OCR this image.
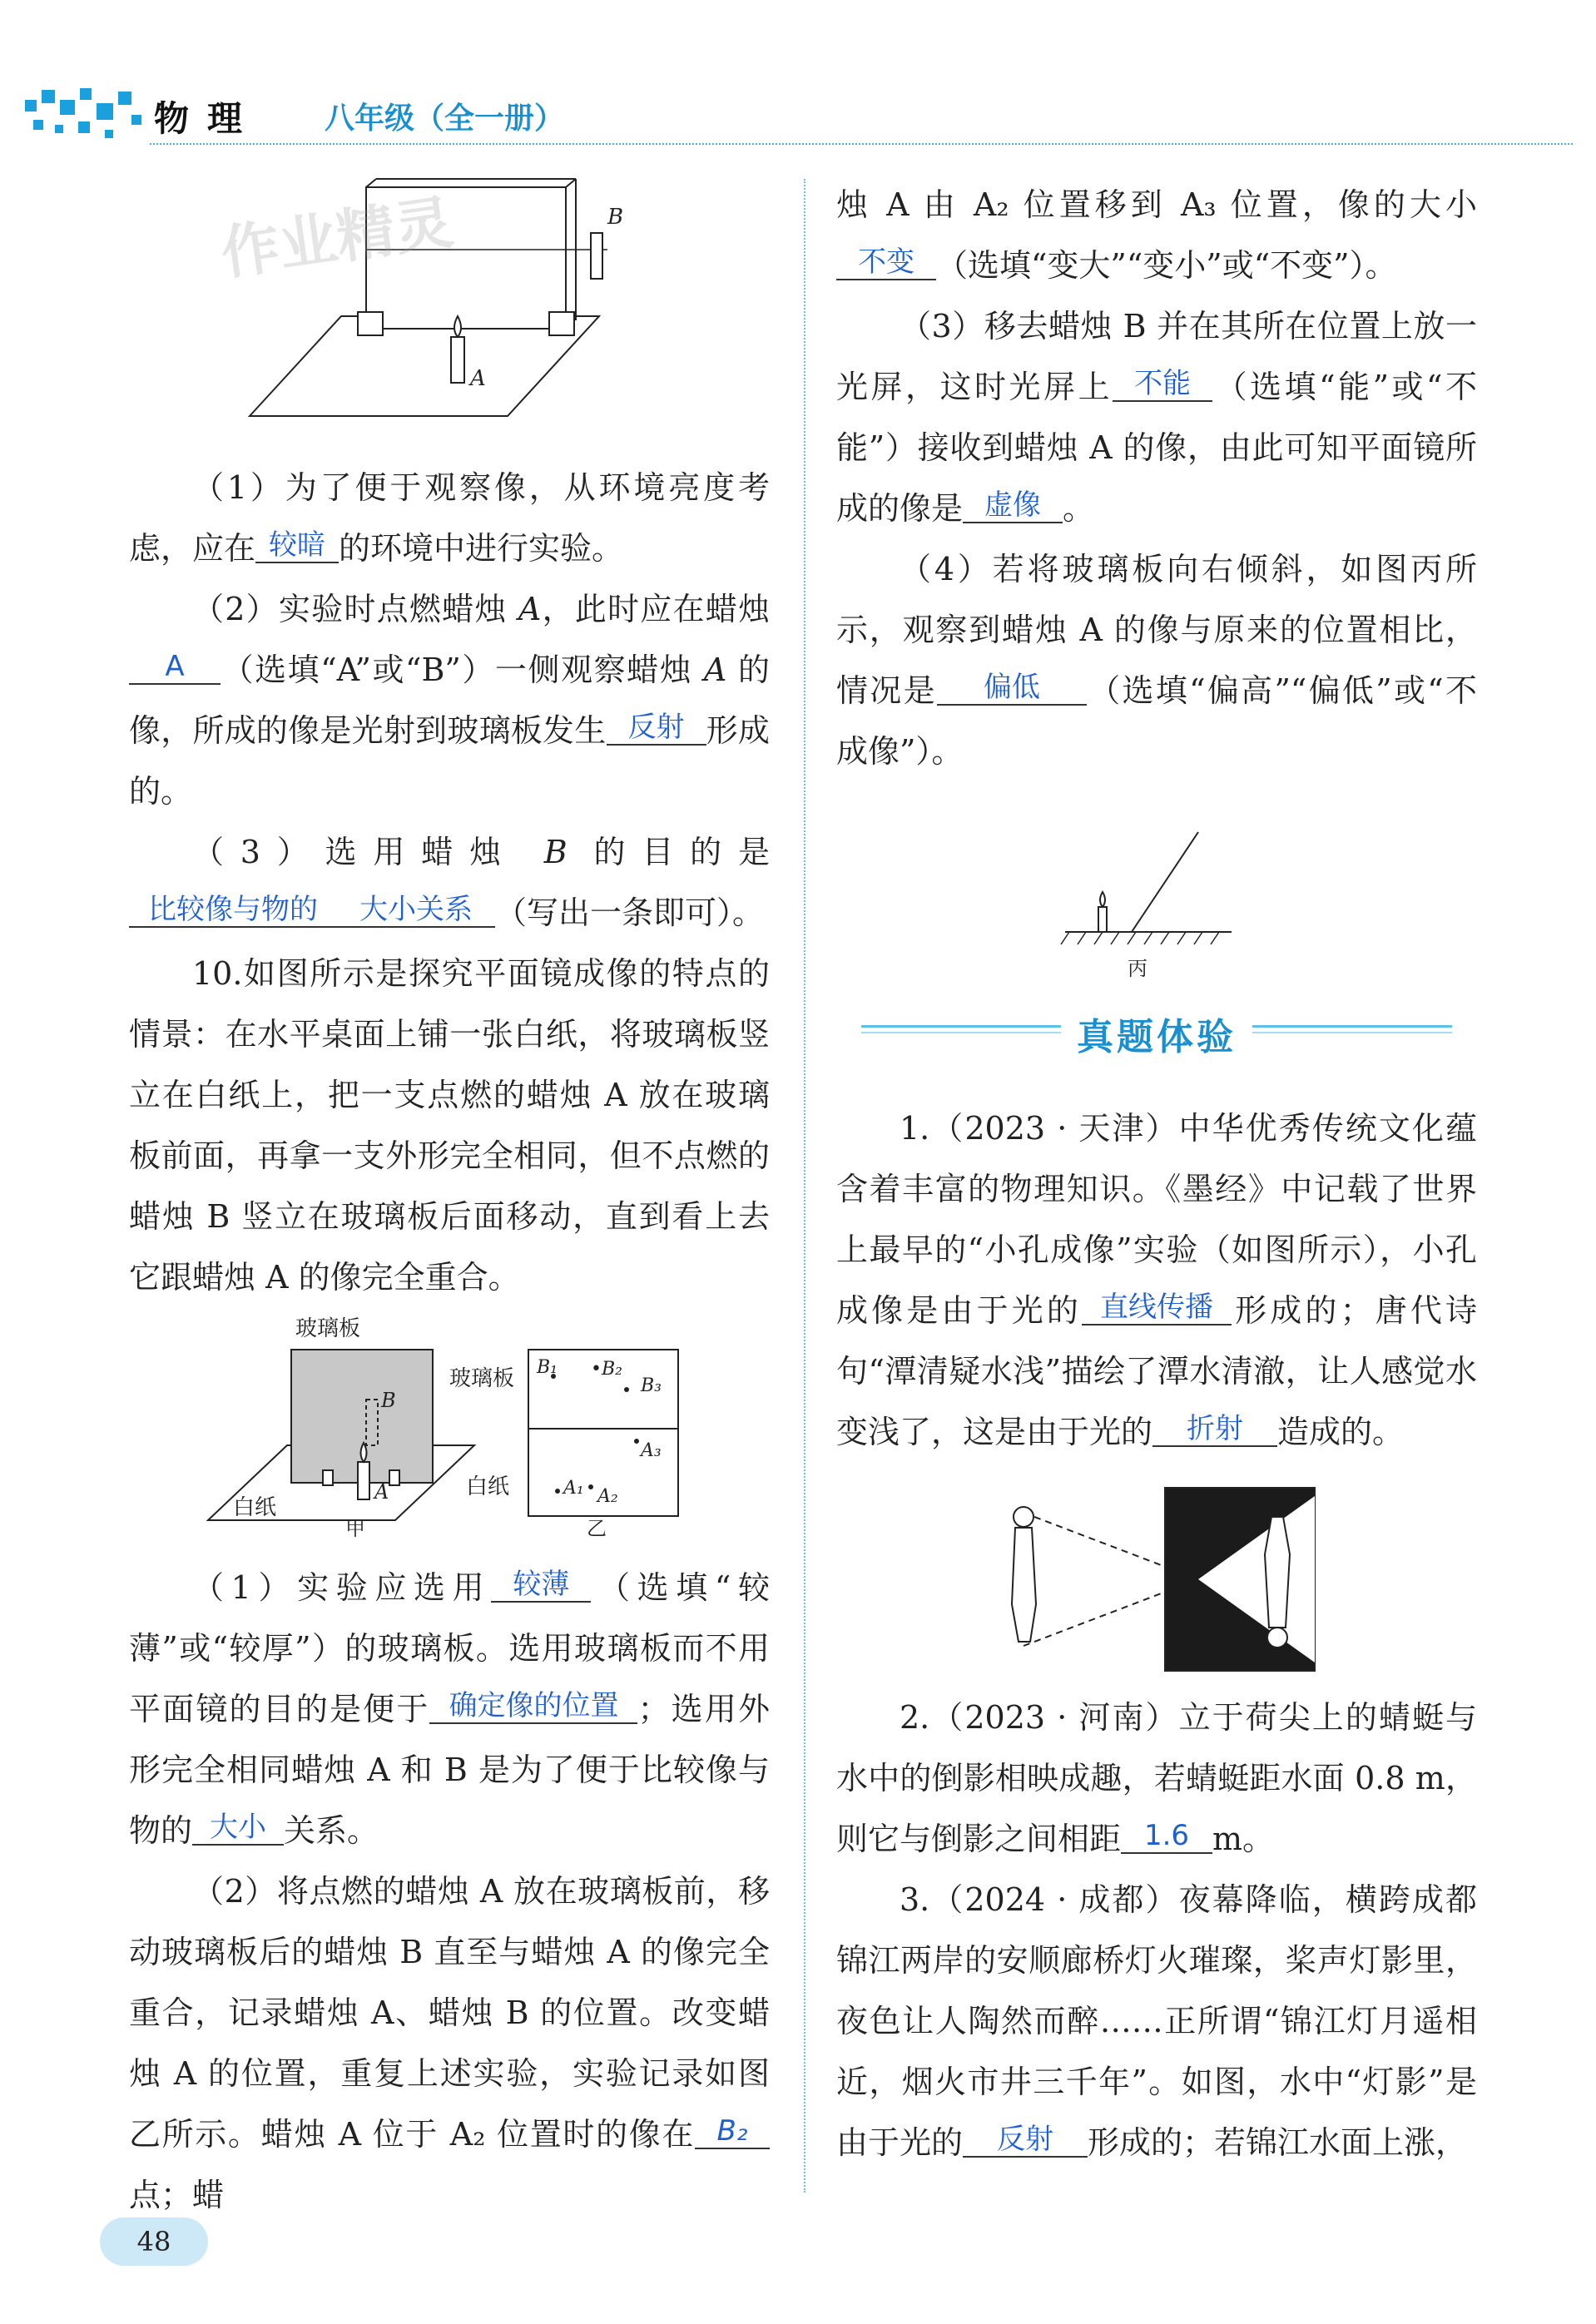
物理 八年级（全一册）
B
A
作业精灵

（1）为了便于观察像，从环境亮度考虑，应在 较暗 的环境中进行实验。

（2）实验时点燃蜡烛 A，此时应在蜡烛A （选填“A”或“B”）一侧观察蜡烛 A 的像，所成的像是光射到玻璃板发生 反射 形成的。

（3）选用蜡烛 B 的目的是比较像与物的 大小关系 （写出一条即可）。

10.如图所示是探究平面镜成像的特点的情景：在水平桌面上铺一张白纸，将玻璃板竖立在白纸上，把一支点燃的蜡烛 A 放在玻璃板前面，再拿一支外形完全相同，但不点燃的蜡烛 B 竖立在玻璃板后面移动，直到看上去它跟蜡烛 A 的像完全重合。

玻璃板
白纸
甲
B
A
玻璃板
白纸
乙
B₁ •B₂
B₃
A₃
A₁ A₂

（1）实验应选用 较薄 （选填“较薄”或“较厚”）的玻璃板。选用玻璃板而不用平面镜的目的是便于 确定像的位置 ；选用外形完全相同蜡烛 A 和 B 是为了便于比较像与物的 大小 关系。

（2）将点燃的蜡烛 A 放在玻璃板前，移动玻璃板后的蜡烛 B 直至与蜡烛 A 的像完全重合，记录蜡烛 A、蜡烛 B 的位置。改变蜡烛 A 的位置，重复上述实验，实验记录如图乙所示。蜡烛 A 位于 A₂ 位置时的像在 B₂点；蜡

烛 A 由 A₂ 位置移到 A₃ 位置，像的大小不变 （选填“变大”“变小”或“不变”）。

（3）移去蜡烛 B 并在其所在位置上放一光屏，这时光屏上 不能 （选填“能”或“不能”）接收到蜡烛 A 的像，由此可知平面镜所成的像是 虚像 。

（4）若将玻璃板向右倾斜，如图丙所示，观察到蜡烛 A 的像与原来的位置相比，情况是 偏低 （选填“偏高”“偏低”或“不成像”）。

丙
真题体验

1.（2023 · 天津）中华优秀传统文化蕴含着丰富的物理知识。《墨经》中记载了世界上最早的“小孔成像”实验（如图所示），小孔成像是由于光的 直线传播 形成的；唐代诗句“潭清疑水浅”描绘了潭水清澈，让人感觉水变浅了，这是由于光的 折射 造成的。

2.（2023 · 河南）立于荷尖上的蜻蜓与水中的倒影相映成趣，若蜻蜓距水面 0.8 m，则它与倒影之间相距 1.6 m。

3.（2024 · 成都）夜幕降临，横跨成都锦江两岸的安顺廊桥灯火璀璨，桨声灯影里，夜色让人陶然而醉……正所谓“锦江灯月遥相近，烟火市井三千年”。如图，水中“灯影”是由于光的 反射 形成的；若锦江水面上涨，

48
